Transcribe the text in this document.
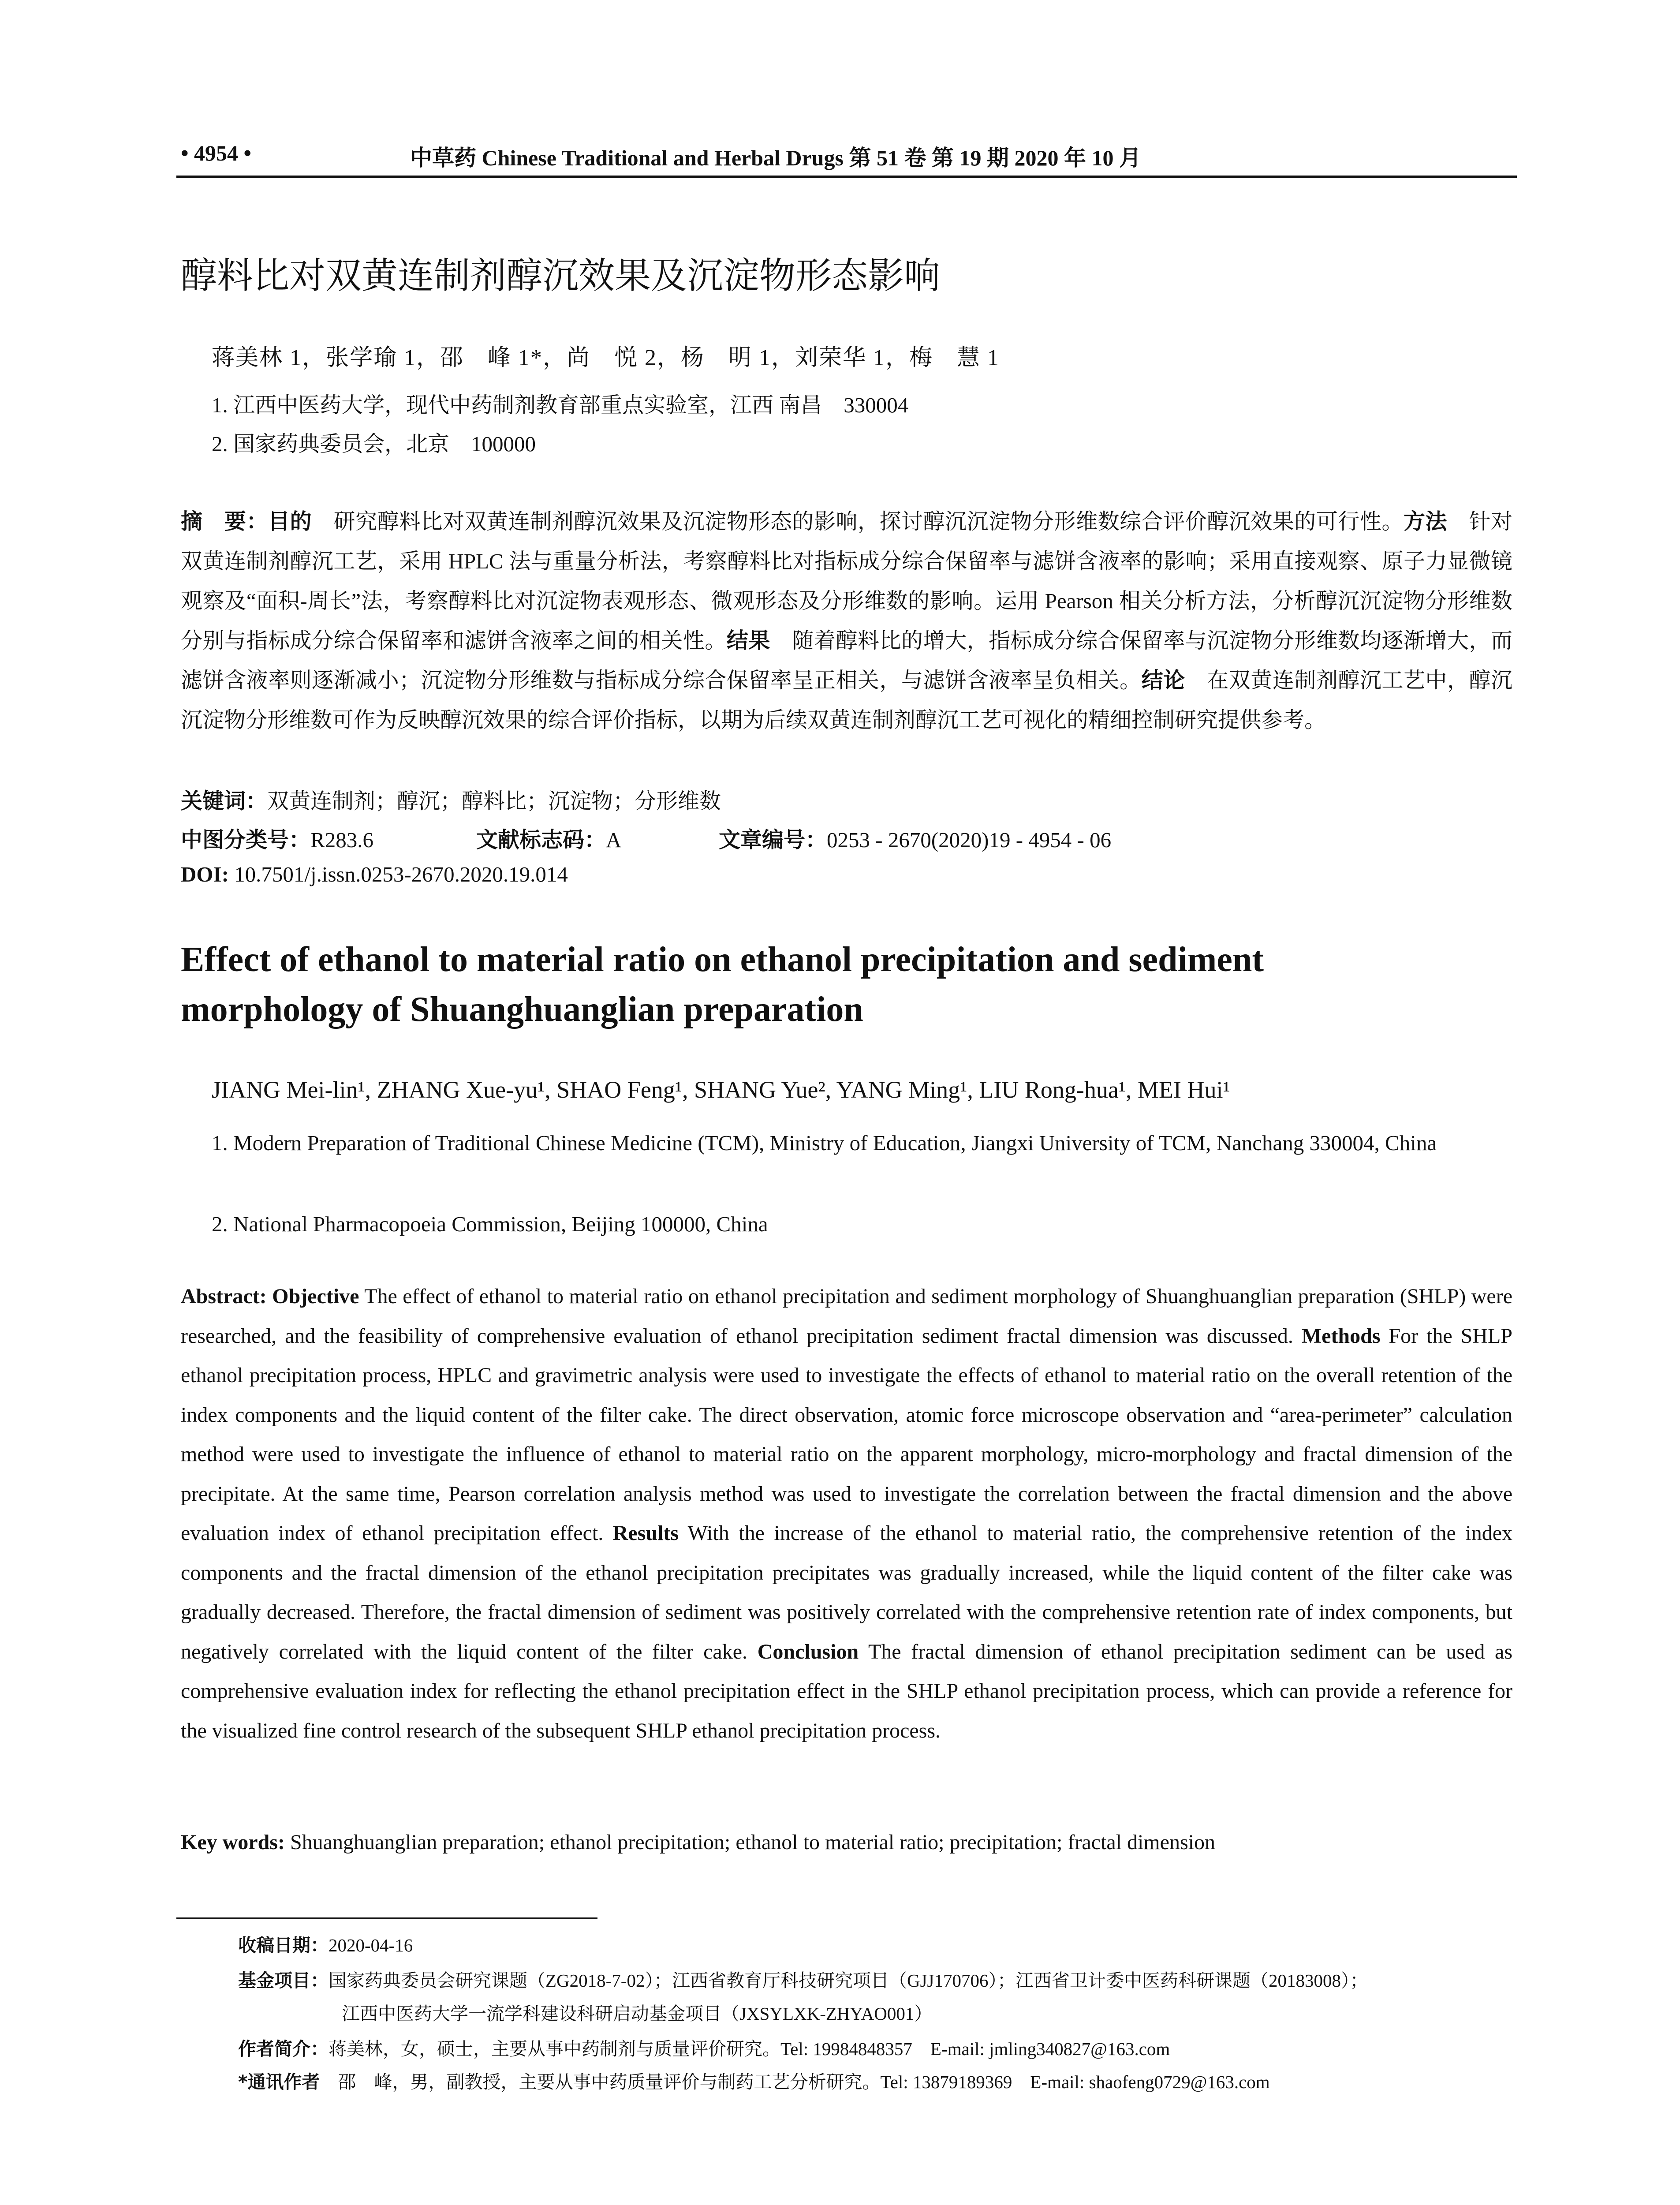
• 4954 •	中草药 Chinese Traditional and Herbal Drugs 第 51 卷 第 19 期 2020 年 10 月
醇料比对双黄连制剂醇沉效果及沉淀物形态影响
蒋美林 1，张学瑜 1，邵　峰 1*，尚　悦 2，杨　明 1，刘荣华 1，梅　慧 1
1. 江西中医药大学，现代中药制剂教育部重点实验室，江西 南昌　330004
2. 国家药典委员会，北京　100000
摘　要：目的　研究醇料比对双黄连制剂醇沉效果及沉淀物形态的影响，探讨醇沉沉淀物分形维数综合评价醇沉效果的可行性。方法　针对双黄连制剂醇沉工艺，采用 HPLC 法与重量分析法，考察醇料比对指标成分综合保留率与滤饼含液率的影响；采用直接观察、原子力显微镜观察及“面积-周长”法，考察醇料比对沉淀物表观形态、微观形态及分形维数的影响。运用 Pearson 相关分析方法，分析醇沉沉淀物分形维数分别与指标成分综合保留率和滤饼含液率之间的相关性。结果　随着醇料比的增大，指标成分综合保留率与沉淀物分形维数均逐渐增大，而滤饼含液率则逐渐减小；沉淀物分形维数与指标成分综合保留率呈正相关，与滤饼含液率呈负相关。结论　在双黄连制剂醇沉工艺中，醇沉沉淀物分形维数可作为反映醇沉效果的综合评价指标，以期为后续双黄连制剂醇沉工艺可视化的精细控制研究提供参考。
关键词：双黄连制剂；醇沉；醇料比；沉淀物；分形维数
中图分类号：R283.6	文献标志码：A	文章编号：0253 - 2670(2020)19 - 4954 - 06
DOI: 10.7501/j.issn.0253-2670.2020.19.014
Effect of ethanol to material ratio on ethanol precipitation and sediment
morphology of Shuanghuanglian preparation
JIANG Mei-lin¹, ZHANG Xue-yu¹, SHAO Feng¹, SHANG Yue², YANG Ming¹, LIU Rong-hua¹, MEI Hui¹
1. Modern Preparation of Traditional Chinese Medicine (TCM), Ministry of Education, Jiangxi University of TCM, Nanchang 330004, China
2. National Pharmacopoeia Commission, Beijing 100000, China
Abstract: Objective The effect of ethanol to material ratio on ethanol precipitation and sediment morphology of Shuanghuanglian preparation (SHLP) were researched, and the feasibility of comprehensive evaluation of ethanol precipitation sediment fractal dimension was discussed. Methods For the SHLP ethanol precipitation process, HPLC and gravimetric analysis were used to investigate the effects of ethanol to material ratio on the overall retention of the index components and the liquid content of the filter cake. The direct observation, atomic force microscope observation and “area-perimeter” calculation method were used to investigate the influence of ethanol to material ratio on the apparent morphology, micro-morphology and fractal dimension of the precipitate. At the same time, Pearson correlation analysis method was used to investigate the correlation between the fractal dimension and the above evaluation index of ethanol precipitation effect. Results With the increase of the ethanol to material ratio, the comprehensive retention of the index components and the fractal dimension of the ethanol precipitation precipitates was gradually increased, while the liquid content of the filter cake was gradually decreased. Therefore, the fractal dimension of sediment was positively correlated with the comprehensive retention rate of index components, but negatively correlated with the liquid content of the filter cake. Conclusion The fractal dimension of ethanol precipitation sediment can be used as comprehensive evaluation index for reflecting the ethanol precipitation effect in the SHLP ethanol precipitation process, which can provide a reference for the visualized fine control research of the subsequent SHLP ethanol precipitation process.
Key words: Shuanghuanglian preparation; ethanol precipitation; ethanol to material ratio; precipitation; fractal dimension
收稿日期：2020-04-16
基金项目：国家药典委员会研究课题（ZG2018-7-02）；江西省教育厅科技研究项目（GJJ170706）；江西省卫计委中医药科研课题（20183008）；
江西中医药大学一流学科建设科研启动基金项目（JXSYLXK-ZHYAO001）
作者简介：蒋美林，女，硕士，主要从事中药制剂与质量评价研究。Tel: 19984848357　E-mail: jmling340827@163.com
*通讯作者　邵　峰，男，副教授，主要从事中药质量评价与制药工艺分析研究。Tel: 13879189369　E-mail: shaofeng0729@163.com
